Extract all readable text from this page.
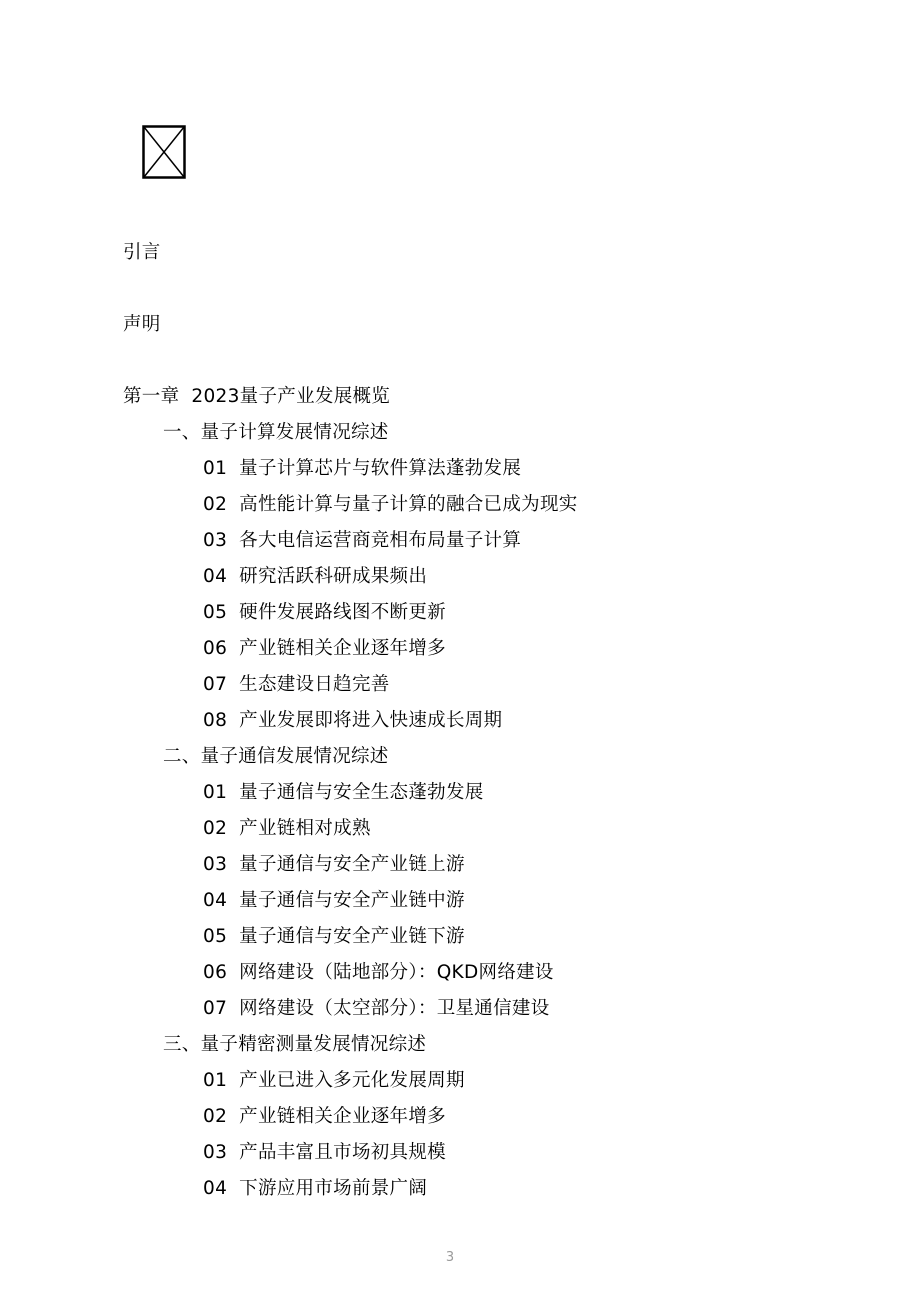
引言
声明
第一章 2023量子产业发展概览
一、量子计算发展情况综述
01 量子计算芯片与软件算法蓬勃发展
02 高性能计算与量子计算的融合已成为现实
03 各大电信运营商竞相布局量子计算
04 研究活跃科研成果频出
05 硬件发展路线图不断更新
06 产业链相关企业逐年增多
07 生态建设日趋完善
08 产业发展即将进入快速成长周期
二、量子通信发展情况综述
01 量子通信与安全生态蓬勃发展
02 产业链相对成熟
03 量子通信与安全产业链上游
04 量子通信与安全产业链中游
05 量子通信与安全产业链下游
06 网络建设（陆地部分）：QKD网络建设
07 网络建设（太空部分）：卫星通信建设
三、量子精密测量发展情况综述
01 产业已进入多元化发展周期
02 产业链相关企业逐年增多
03 产品丰富且市场初具规模
04 下游应用市场前景广阔
3
